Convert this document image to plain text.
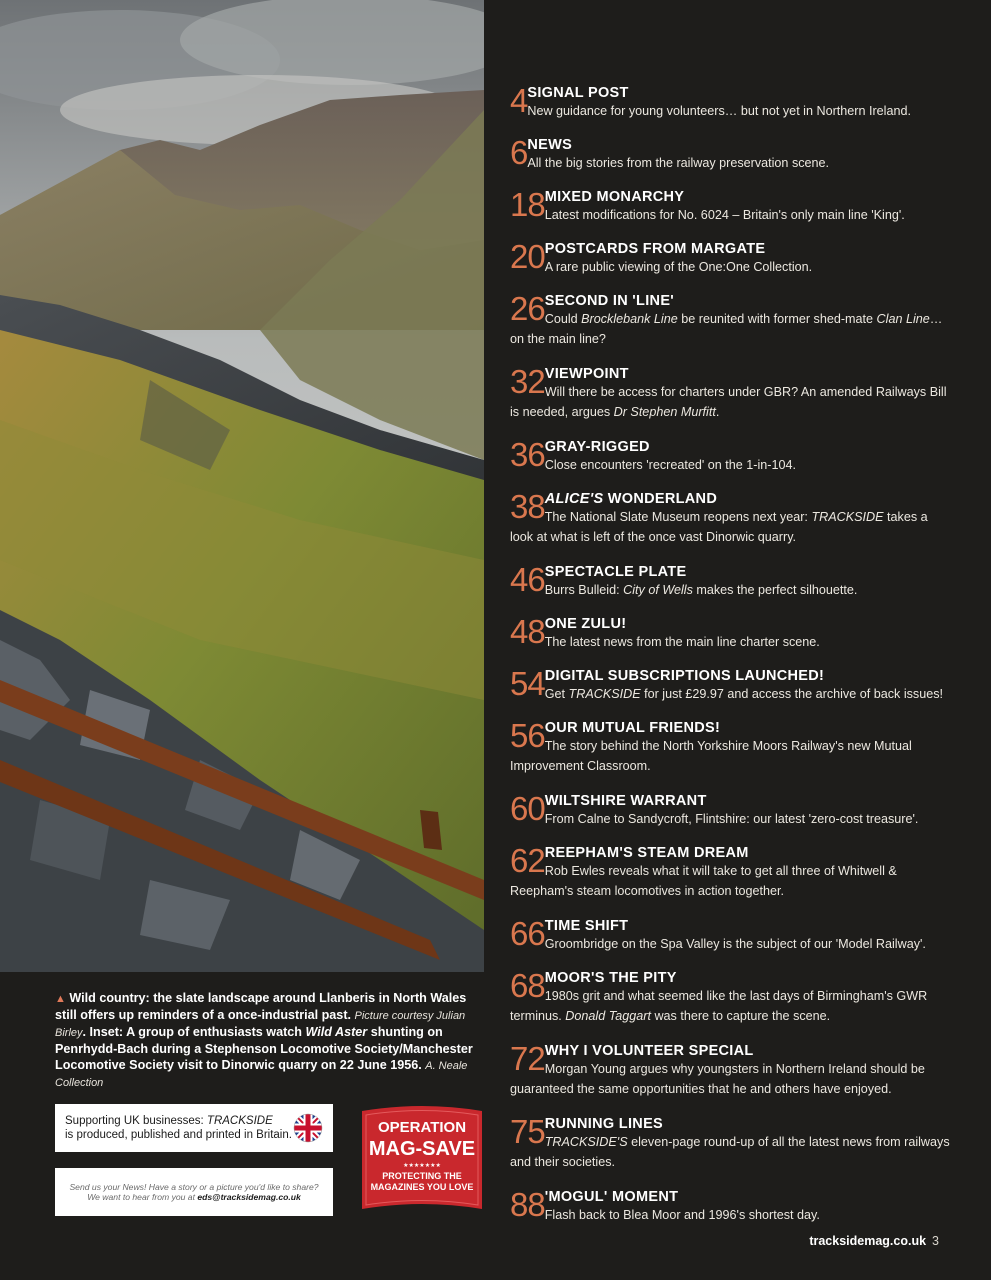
▲ Wild country: the slate landscape around Llanberis in North Wales still offers up reminders of a once-industrial past. Picture courtesy Julian Birley. Inset: A group of enthusiasts watch Wild Aster shunting on Penrhydd-Bach during a Stephenson Locomotive Society/Manchester Locomotive Society visit to Dinorwic quarry on 22 June 1956. A. Neale Collection
Supporting UK businesses: TRACKSIDE
is produced, published and printed in Britain.
Send us your News! Have a story or a picture you'd like to share? We want to hear from you at eds@tracksidemag.co.uk
OPERATION
MAG-SAVE
★★★★★★★
PROTECTING THE
MAGAZINES YOU LOVE
4 SIGNAL POST
New guidance for young volunteers… but not yet in Northern Ireland.
6 NEWS
All the big stories from the railway preservation scene.
18 MIXED MONARCHY
Latest modifications for No. 6024 – Britain's only main line 'King'.
20 POSTCARDS FROM MARGATE
A rare public viewing of the One:One Collection.
26 SECOND IN 'LINE'
Could Brocklebank Line be reunited with former shed-mate Clan Line… on the main line?
32 VIEWPOINT
Will there be access for charters under GBR? An amended Railways Bill is needed, argues Dr Stephen Murfitt.
36 GRAY-RIGGED
Close encounters 'recreated' on the 1-in-104.
38 ALICE'S WONDERLAND
The National Slate Museum reopens next year: TRACKSIDE takes a look at what is left of the once vast Dinorwic quarry.
46 SPECTACLE PLATE
Burrs Bulleid: City of Wells makes the perfect silhouette.
48 ONE ZULU!
The latest news from the main line charter scene.
54 DIGITAL SUBSCRIPTIONS LAUNCHED!
Get TRACKSIDE for just £29.97 and access the archive of back issues!
56 OUR MUTUAL FRIENDS!
The story behind the North Yorkshire Moors Railway's new Mutual Improvement Classroom.
60 WILTSHIRE WARRANT
From Calne to Sandycroft, Flintshire: our latest 'zero-cost treasure'.
62 REEPHAM'S STEAM DREAM
Rob Ewles reveals what it will take to get all three of Whitwell & Reepham's steam locomotives in action together.
66 TIME SHIFT
Groombridge on the Spa Valley is the subject of our 'Model Railway'.
68 MOOR'S THE PITY
1980s grit and what seemed like the last days of Birmingham's GWR terminus. Donald Taggart was there to capture the scene.
72 WHY I VOLUNTEER SPECIAL
Morgan Young argues why youngsters in Northern Ireland should be guaranteed the same opportunities that he and others have enjoyed.
75 RUNNING LINES
TRACKSIDE'S eleven-page round-up of all the latest news from railways and their societies.
88 'MOGUL' MOMENT
Flash back to Blea Moor and 1996's shortest day.
tracksidemag.co.uk 3
